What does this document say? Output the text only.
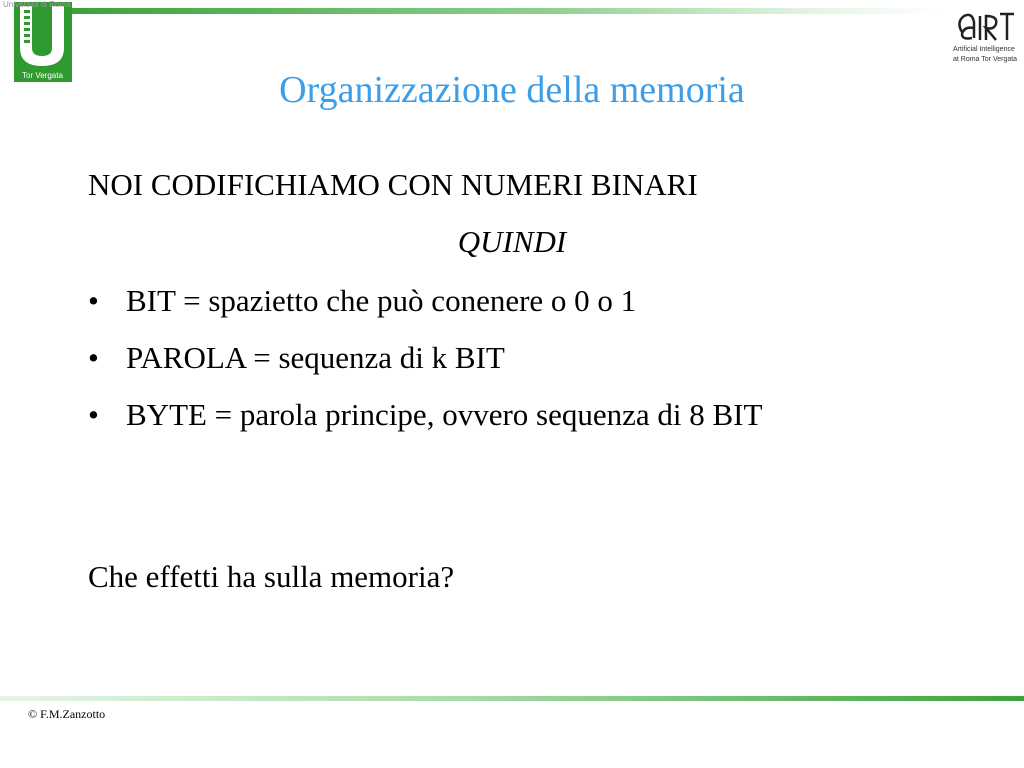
Università di Roma
Tor Vergata
Artificial Intelligence
at Roma Tor Vergata
Organizzazione della memoria
NOI CODIFICHIAMO CON NUMERI BINARI
QUINDI
• BIT = spazietto che può conenere o 0 o 1
• PAROLA = sequenza di k BIT
• BYTE = parola principe, ovvero sequenza di 8 BIT
Che effetti ha sulla memoria?
© F.M.Zanzotto
